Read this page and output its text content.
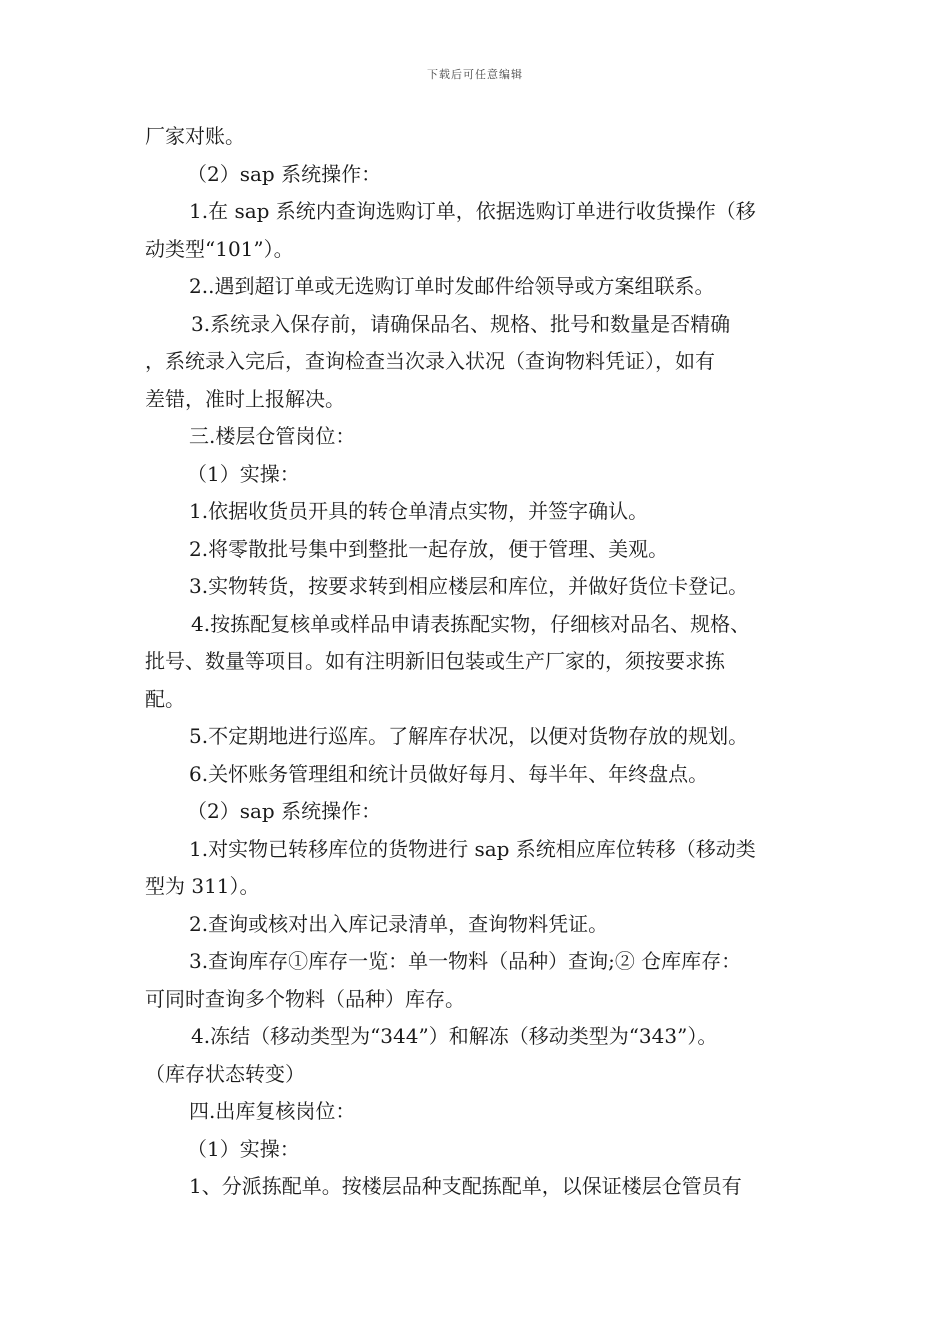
下载后可任意编辑
厂家对账。
（2）sap 系统操作：
1.在 sap 系统内查询选购订单，依据选购订单进行收货操作（移
动类型“101”）。
2..遇到超订单或无选购订单时发邮件给领导或方案组联系。
3.系统录入保存前，请确保品名、规格、批号和数量是否精确
，系统录入完后，查询检查当次录入状况（查询物料凭证），如有
差错，准时上报解决。
三.楼层仓管岗位：
（1）实操：
1.依据收货员开具的转仓单清点实物，并签字确认。
2.将零散批号集中到整批一起存放，便于管理、美观。
3.实物转货，按要求转到相应楼层和库位，并做好货位卡登记。
4.按拣配复核单或样品申请表拣配实物，仔细核对品名、规格、
批号、数量等项目。如有注明新旧包装或生产厂家的，须按要求拣
配。
5.不定期地进行巡库。了解库存状况，以便对货物存放的规划。
6.关怀账务管理组和统计员做好每月、每半年、年终盘点。
（2）sap 系统操作：
1.对实物已转移库位的货物进行 sap 系统相应库位转移（移动类
型为 311）。
2.查询或核对出入库记录清单，查询物料凭证。
3.查询库存①库存一览：单一物料（品种）查询;② 仓库库存：
可同时查询多个物料（品种）库存。
4.冻结（移动类型为“344”）和解冻（移动类型为“343”）。
（库存状态转变）
四.出库复核岗位：
（1）实操：
1、分派拣配单。按楼层品种支配拣配单，以保证楼层仓管员有
